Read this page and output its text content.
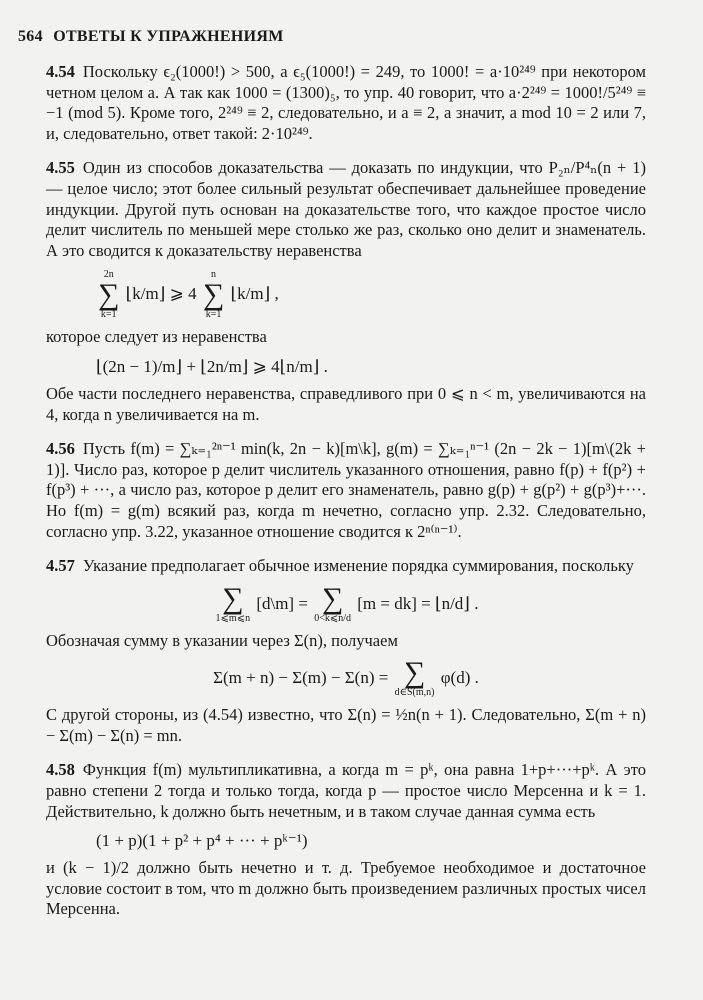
564 ОТВЕТЫ К УПРАЖНЕНИЯМ

4.54 Поскольку ϵ₂(1000!) > 500, а ϵ₅(1000!) = 249, то 1000! = a·10²⁴⁹ при некотором четном целом a. А так как 1000 = (1300)₅, то упр. 40 говорит, что a·2²⁴⁹ = 1000!/5²⁴⁹ ≡ −1 (mod 5). Кроме того, 2²⁴⁹ ≡ 2, следовательно, и a ≡ 2, а значит, a mod 10 = 2 или 7, и, следовательно, ответ такой: 2·10²⁴⁹.

4.55 Один из способов доказательства — доказать по индукции, что P₂ₙ/P⁴ₙ(n + 1) — целое число; этот более сильный результат обеспечивает дальнейшее проведение индукции. Другой путь основан на доказательстве того, что каждое простое число делит числитель по меньшей мере столько же раз, сколько оно делит и знаменатель. А это сводится к доказательству неравенства

2n
∑
k=1
⌊k/m⌋ ⩾ 4
n
∑
k=1
⌊k/m⌋ ,

которое следует из неравенства

⌊(2n − 1)/m⌋ + ⌊2n/m⌋ ⩾ 4⌊n/m⌋ .

Обе части последнего неравенства, справедливого при 0 ⩽ n < m, увеличиваются на 4, когда n увеличивается на m.

4.56 Пусть f(m) = ∑ₖ₌₁²ⁿ⁻¹ min(k, 2n − k)[m\k], g(m) = ∑ₖ₌₁ⁿ⁻¹ (2n − 2k − 1)[m\(2k + 1)]. Число раз, которое p делит числитель указанного отношения, равно f(p) + f(p²) + f(p³) + ···, а число раз, которое p делит его знаменатель, равно g(p) + g(p²) + g(p³)+···. Но f(m) = g(m) всякий раз, когда m нечетно, согласно упр. 2.32. Следовательно, согласно упр. 3.22, указанное отношение сводится к 2ⁿ⁽ⁿ⁻¹⁾.

4.57 Указание предполагает обычное изменение порядка суммирования, поскольку

∑
1⩽m⩽n
[d\m] = ∑
0<k⩽n/d
[m = dk] = ⌊n/d⌋ .

Обозначая сумму в указании через Σ(n), получаем

Σ(m + n) − Σ(m) − Σ(n) = ∑
d∈S(m,n)
φ(d) .

С другой стороны, из (4.54) известно, что Σ(n) = ½n(n + 1). Следовательно, Σ(m + n) − Σ(m) − Σ(n) = mn.

4.58 Функция f(m) мультипликативна, а когда m = pᵏ, она равна 1+p+···+pᵏ. А это равно степени 2 тогда и только тогда, когда p — простое число Мерсенна и k = 1. Действительно, k должно быть нечетным, и в таком случае данная сумма есть

(1 + p)(1 + p² + p⁴ + ··· + pᵏ⁻¹)

и (k − 1)/2 должно быть нечетно и т. д. Требуемое необходимое и достаточное условие состоит в том, что m должно быть произведением различных простых чисел Мерсенна.
